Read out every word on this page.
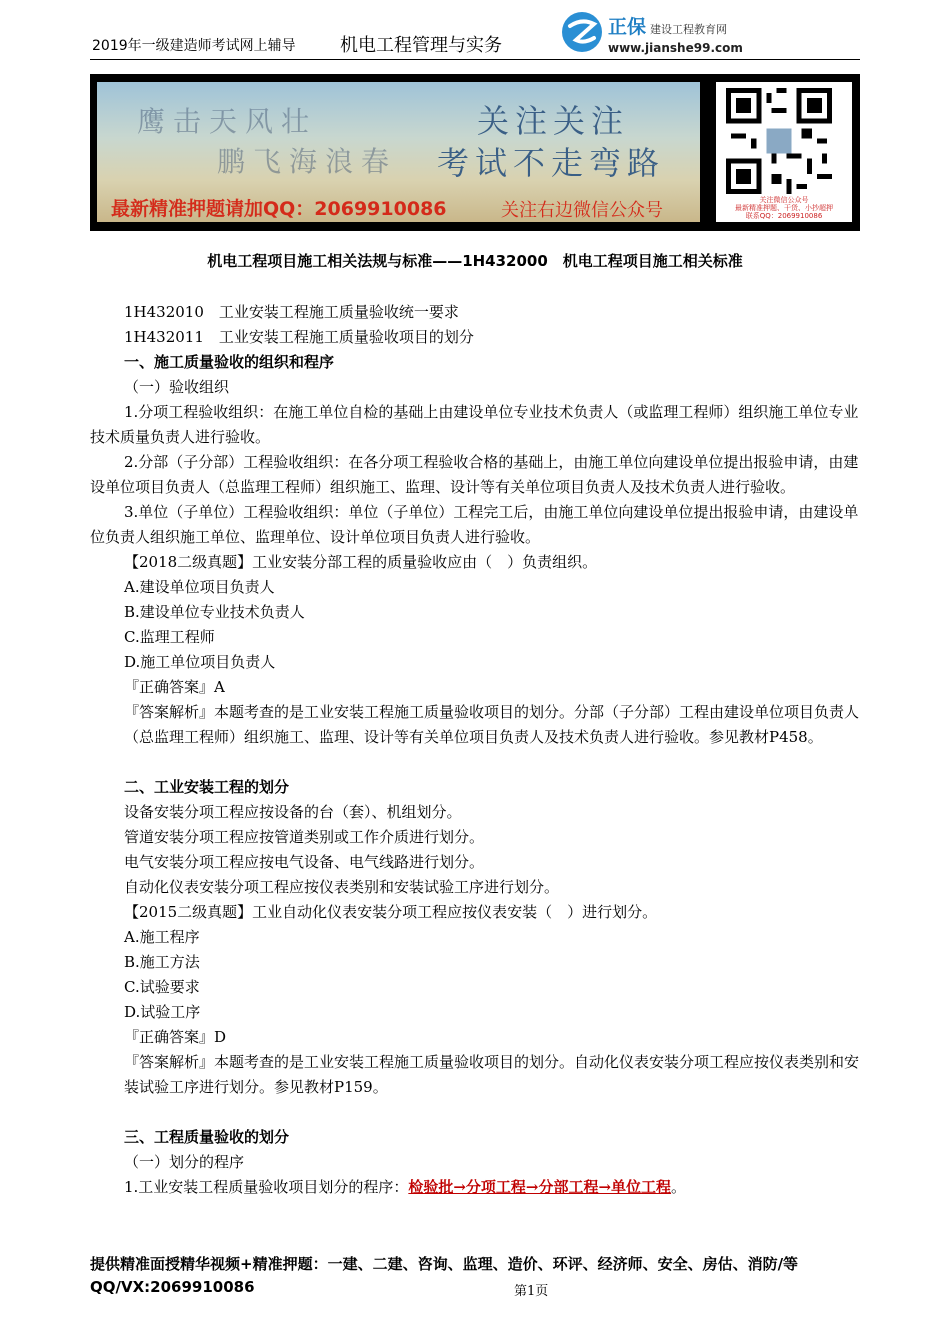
2019年一级建造师考试网上辅导 机电工程管理与实务
正保 建设工程教育网
www.jianshe99.com
鹰击天风壮
鹏飞海浪春
关注关注
考试不走弯路
最新精准押题请加QQ：2069910086	关注右边微信公众号	关注微信公众号
最新精准押题、干货、小抄超押
联系QQ：2069910086
机电工程项目施工相关法规与标准——1H432000　机电工程项目施工相关标准

1H432010　工业安装工程施工质量验收统一要求

1H432011　工业安装工程施工质量验收项目的划分

一、施工质量验收的组织和程序

（一）验收组织

1.分项工程验收组织：在施工单位自检的基础上由建设单位专业技术负责人（或监理工程师）组织施工单位专业技术质量负责人进行验收。

2.分部（子分部）工程验收组织：在各分项工程验收合格的基础上，由施工单位向建设单位提出报验申请，由建设单位项目负责人（总监理工程师）组织施工、监理、设计等有关单位项目负责人及技术负责人进行验收。

3.单位（子单位）工程验收组织：单位（子单位）工程完工后，由施工单位向建设单位提出报验申请，由建设单位负责人组织施工单位、监理单位、设计单位项目负责人进行验收。

【2018二级真题】工业安装分部工程的质量验收应由（　）负责组织。

A.建设单位项目负责人

B.建设单位专业技术负责人

C.监理工程师

D.施工单位项目负责人

『正确答案』A

『答案解析』本题考查的是工业安装工程施工质量验收项目的划分。分部（子分部）工程由建设单位项目负责人（总监理工程师）组织施工、监理、设计等有关单位项目负责人及技术负责人进行验收。参见教材P458。

二、工业安装工程的划分

设备安装分项工程应按设备的台（套）、机组划分。

管道安装分项工程应按管道类别或工作介质进行划分。

电气安装分项工程应按电气设备、电气线路进行划分。

自动化仪表安装分项工程应按仪表类别和安装试验工序进行划分。

【2015二级真题】工业自动化仪表安装分项工程应按仪表安装（　）进行划分。

A.施工程序

B.施工方法

C.试验要求

D.试验工序

『正确答案』D

『答案解析』本题考查的是工业安装工程施工质量验收项目的划分。自动化仪表安装分项工程应按仪表类别和安装试验工序进行划分。参见教材P159。

三、工程质量验收的划分

（一）划分的程序

1.工业安装工程质量验收项目划分的程序：检验批→分项工程→分部工程→单位工程。

提供精准面授精华视频+精准押题：一建、二建、咨询、监理、造价、环评、经济师、安全、房估、消防/等
QQ/VX:2069910086	第1页
